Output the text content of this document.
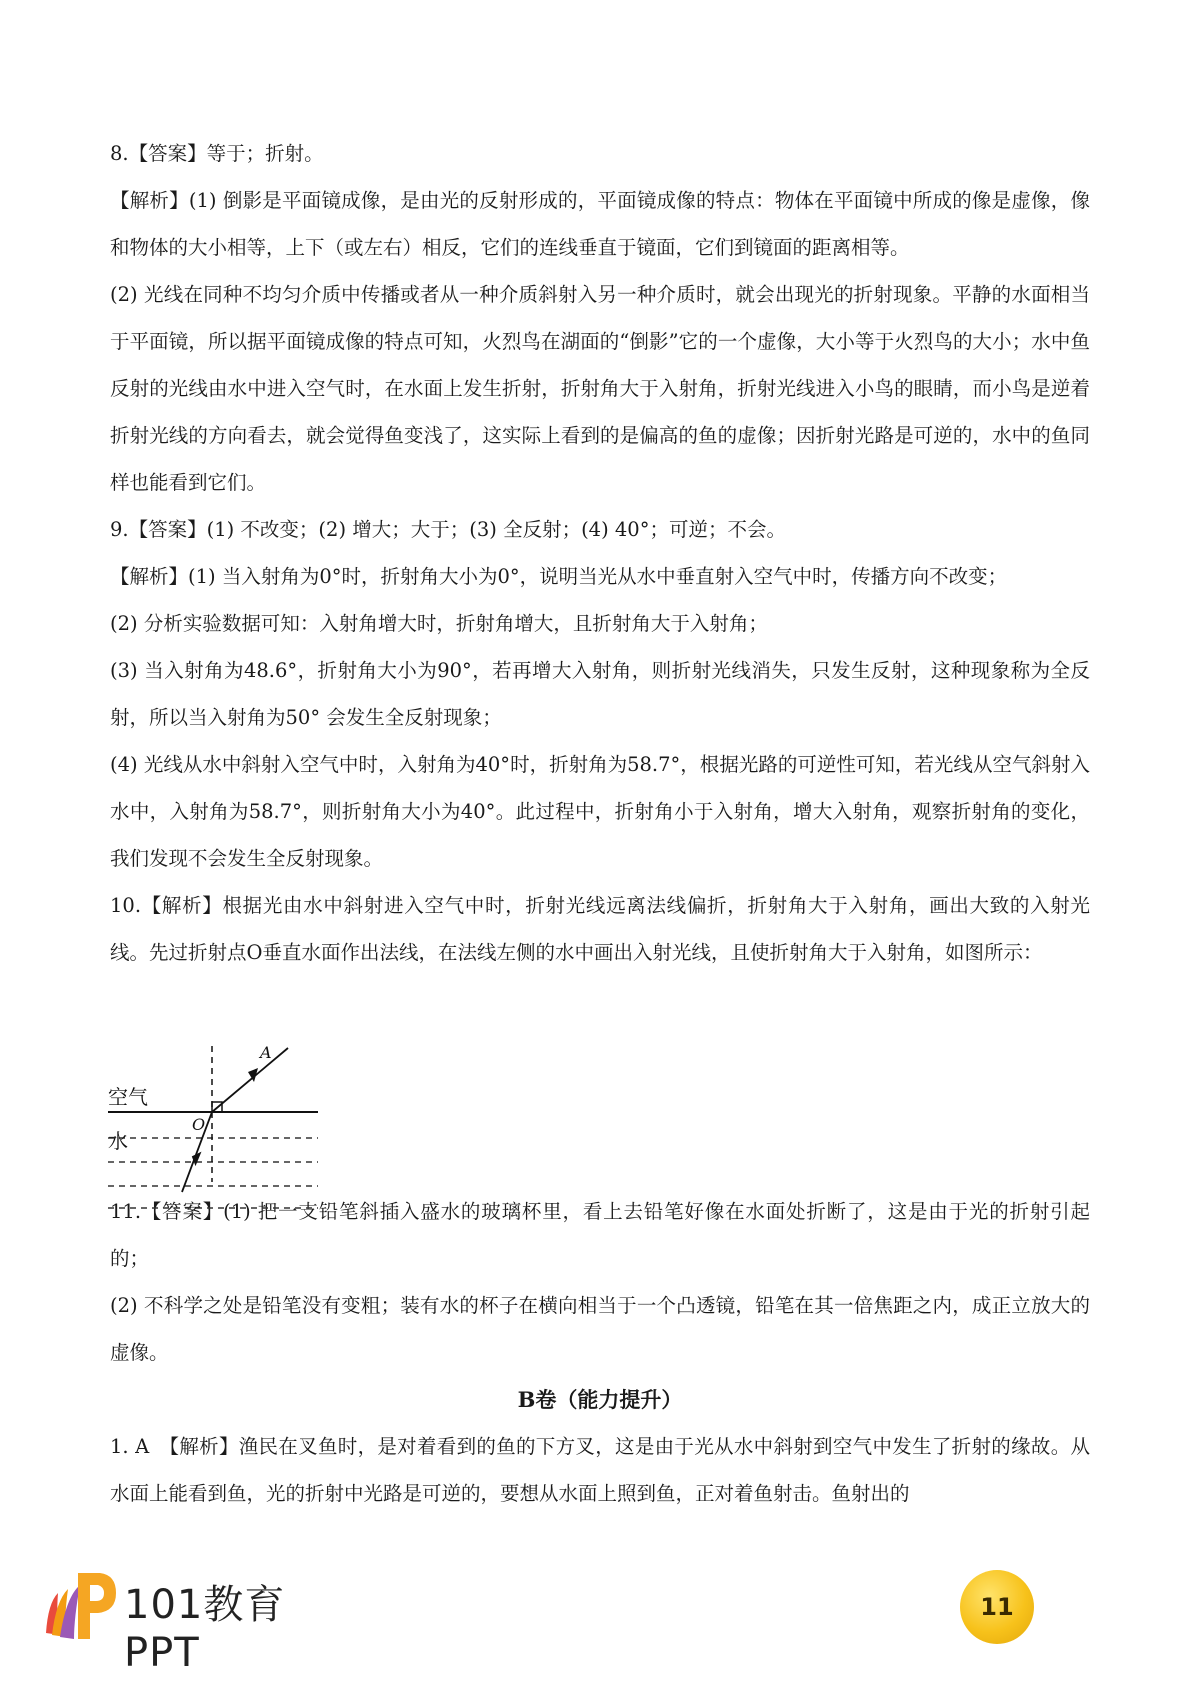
8.【答案】等于；折射。

【解析】(1) 倒影是平面镜成像，是由光的反射形成的，平面镜成像的特点：物体在平面镜中所成的像是虚像，像和物体的大小相等，上下（或左右）相反，它们的连线垂直于镜面，它们到镜面的距离相等。

(2) 光线在同种不均匀介质中传播或者从一种介质斜射入另一种介质时，就会出现光的折射现象。平静的水面相当于平面镜，所以据平面镜成像的特点可知，火烈鸟在湖面的“倒影”它的一个虚像，大小等于火烈鸟的大小；水中鱼反射的光线由水中进入空气时，在水面上发生折射，折射角大于入射角，折射光线进入小鸟的眼睛，而小鸟是逆着折射光线的方向看去，就会觉得鱼变浅了，这实际上看到的是偏高的鱼的虚像；因折射光路是可逆的，水中的鱼同样也能看到它们。

9.【答案】(1) 不改变；(2) 增大；大于；(3) 全反射；(4) 40°；可逆；不会。

【解析】(1) 当入射角为0°时，折射角大小为0°，说明当光从水中垂直射入空气中时，传播方向不改变；

(2) 分析实验数据可知：入射角增大时，折射角增大，且折射角大于入射角；

(3) 当入射角为48.6°，折射角大小为90°，若再增大入射角，则折射光线消失，只发生反射，这种现象称为全反射，所以当入射角为50° 会发生全反射现象；

(4) 光线从水中斜射入空气中时，入射角为40°时，折射角为58.7°，根据光路的可逆性可知，若光线从空气斜射入水中，入射角为58.7°，则折射角大小为40°。此过程中，折射角小于入射角，增大入射角，观察折射角的变化，我们发现不会发生全反射现象。

10.【解析】根据光由水中斜射进入空气中时，折射光线远离法线偏折，折射角大于入射角，画出大致的入射光线。先过折射点O垂直水面作出法线，在法线左侧的水中画出入射光线，且使折射角大于入射角，如图所示：

11.【答案】(1) 把一支铅笔斜插入盛水的玻璃杯里，看上去铅笔好像在水面处折断了，这是由于光的折射引起的；

(2) 不科学之处是铅笔没有变粗；装有水的杯子在横向相当于一个凸透镜，铅笔在其一倍焦距之内，成正立放大的虚像。

B卷（能力提升）

1. A　【解析】渔民在叉鱼时，是对着看到的鱼的下方叉，这是由于光从水中斜射到空气中发生了折射的缘故。从水面上能看到鱼，光的折射中光路是可逆的，要想从水面上照到鱼，正对着鱼射击。鱼射出的

空气
水
A
O
101教育PPT
11
